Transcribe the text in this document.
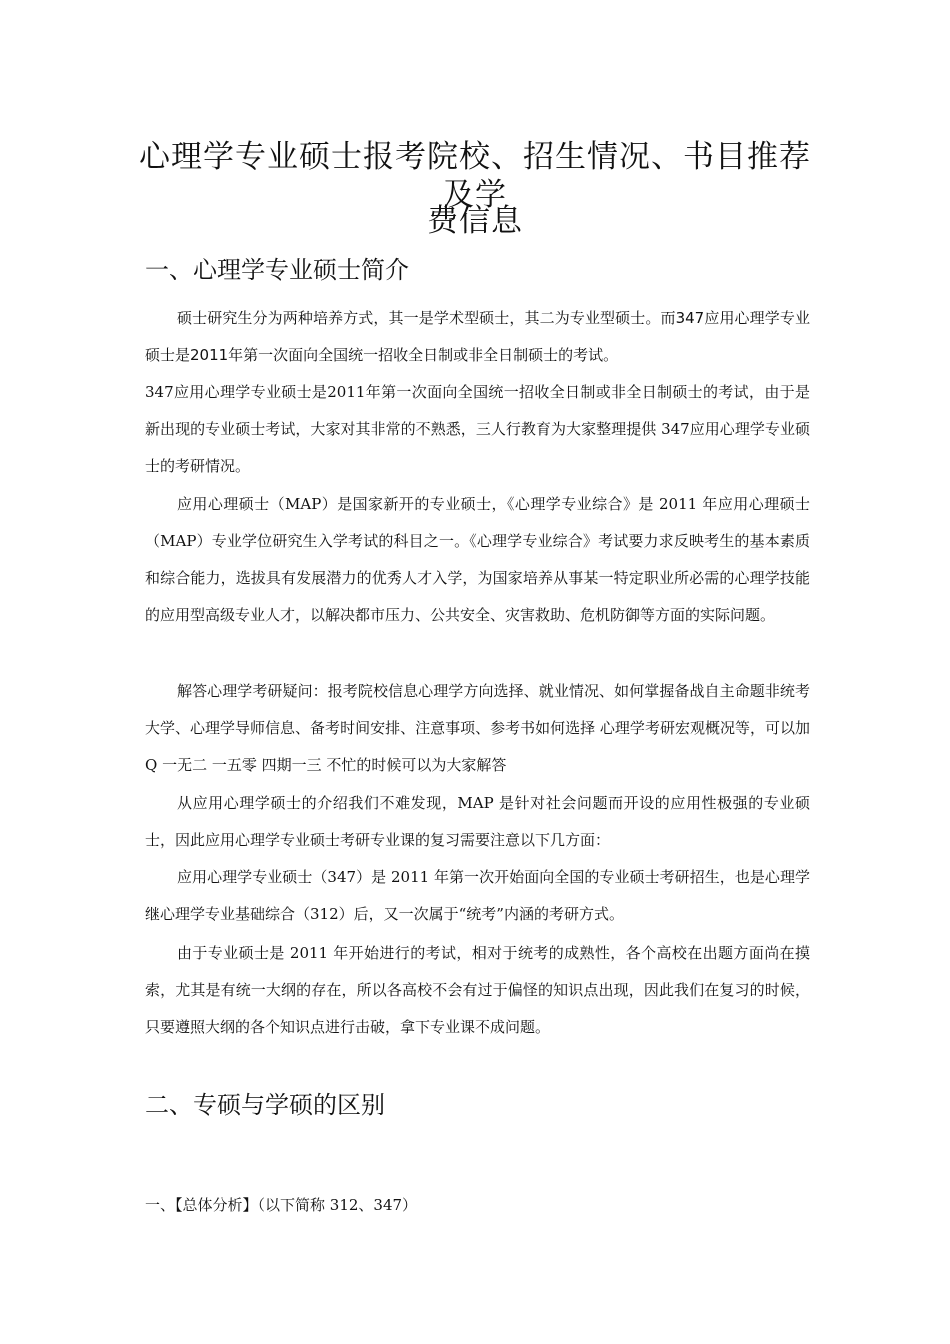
心理学专业硕士报考院校、招生情况、书目推荐及学
费信息
一、心理学专业硕士简介

硕士研究生分为两种培养方式，其一是学术型硕士，其二为专业型硕士。而347应用心理学专业硕士是2011年第一次面向全国统一招收全日制或非全日制硕士的考试。

347应用心理学专业硕士是2011年第一次面向全国统一招收全日制或非全日制硕士的考试，由于是新出现的专业硕士考试，大家对其非常的不熟悉，三人行教育为大家整理提供 347应用心理学专业硕士的考研情况。

应用心理硕士（MAP）是国家新开的专业硕士，《心理学专业综合》是 2011 年应用心理硕士（MAP）专业学位研究生入学考试的科目之一。《心理学专业综合》考试要力求反映考生的基本素质和综合能力，选拔具有发展潜力的优秀人才入学，为国家培养从事某一特定职业所必需的心理学技能的应用型高级专业人才，以解决都市压力、公共安全、灾害救助、危机防御等方面的实际问题。

解答心理学考研疑问：报考院校信息心理学方向选择、就业情况、如何掌握备战自主命题非统考大学、心理学导师信息、备考时间安排、注意事项、参考书如何选择 心理学考研宏观概况等，可以加 Q 一无二 一五零 四期一三 不忙的时候可以为大家解答

从应用心理学硕士的介绍我们不难发现，MAP 是针对社会问题而开设的应用性极强的专业硕士，因此应用心理学专业硕士考研专业课的复习需要注意以下几方面：

应用心理学专业硕士（347）是 2011 年第一次开始面向全国的专业硕士考研招生，也是心理学继心理学专业基础综合（312）后，又一次属于“统考”内涵的考研方式。

由于专业硕士是 2011 年开始进行的考试，相对于统考的成熟性，各个高校在出题方面尚在摸索，尤其是有统一大纲的存在，所以各高校不会有过于偏怪的知识点出现，因此我们在复习的时候，只要遵照大纲的各个知识点进行击破，拿下专业课不成问题。

二、专硕与学硕的区别

一、【总体分析】（以下简称 312、347）
